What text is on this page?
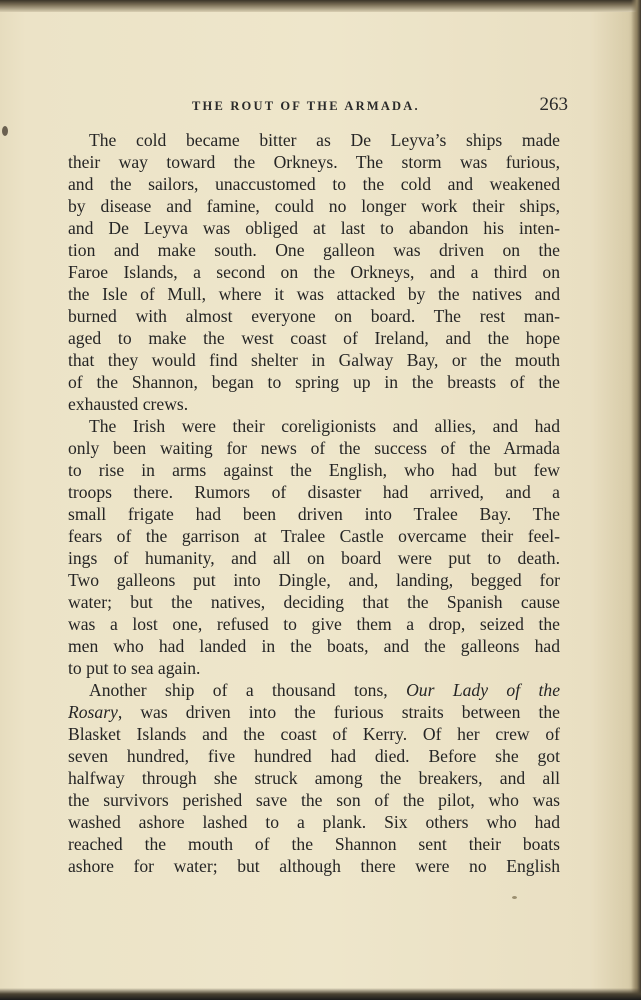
THE ROUT OF THE ARMADA.	263
The cold became bitter as De Leyva’s ships made
their way toward the Orkneys. The storm was furious,
and the sailors, unaccustomed to the cold and weakened
by disease and famine, could no longer work their ships,
and De Leyva was obliged at last to abandon his inten-
tion and make south. One galleon was driven on the
Faroe Islands, a second on the Orkneys, and a third on
the Isle of Mull, where it was attacked by the natives and
burned with almost everyone on board. The rest man-
aged to make the west coast of Ireland, and the hope
that they would find shelter in Galway Bay, or the mouth
of the Shannon, began to spring up in the breasts of the
exhausted crews.
The Irish were their coreligionists and allies, and had
only been waiting for news of the success of the Armada
to rise in arms against the English, who had but few
troops there. Rumors of disaster had arrived, and a
small frigate had been driven into Tralee Bay. The
fears of the garrison at Tralee Castle overcame their feel-
ings of humanity, and all on board were put to death.
Two galleons put into Dingle, and, landing, begged for
water; but the natives, deciding that the Spanish cause
was a lost one, refused to give them a drop, seized the
men who had landed in the boats, and the galleons had
to put to sea again.
Another ship of a thousand tons, Our Lady of the
Rosary, was driven into the furious straits between the
Blasket Islands and the coast of Kerry. Of her crew of
seven hundred, five hundred had died. Before she got
halfway through she struck among the breakers, and all
the survivors perished save the son of the pilot, who was
washed ashore lashed to a plank. Six others who had
reached the mouth of the Shannon sent their boats
ashore for water; but although there were no English
